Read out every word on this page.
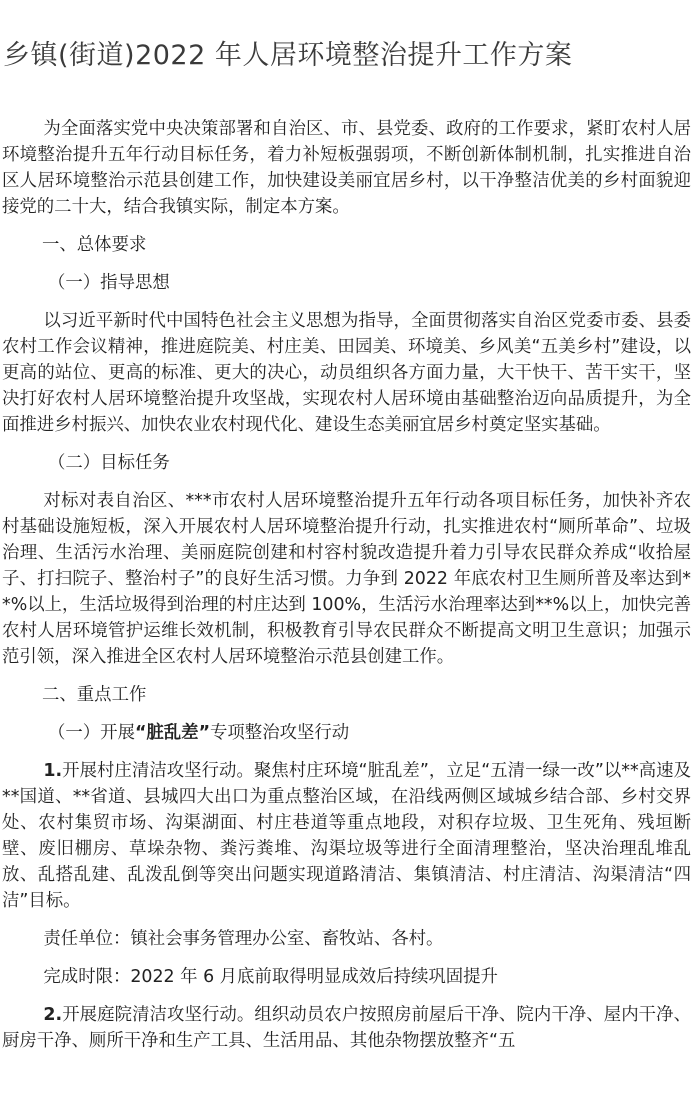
乡镇(街道)2022 年人居环境整治提升工作方案

为全面落实党中央决策部署和自治区、市、县党委、政府的工作要求，紧盯农村人居环境整治提升五年行动目标任务，着力补短板强弱项，不断创新体制机制，扎实推进自治区人居环境整治示范县创建工作，加快建设美丽宜居乡村，以干净整洁优美的乡村面貌迎接党的二十大，结合我镇实际，制定本方案。

一、总体要求

（一）指导思想

以习近平新时代中国特色社会主义思想为指导，全面贯彻落实自治区党委市委、县委农村工作会议精神，推进庭院美、村庄美、田园美、环境美、乡风美“五美乡村”建设，以更高的站位、更高的标准、更大的决心，动员组织各方面力量，大干快干、苦干实干，坚决打好农村人居环境整治提升攻坚战，实现农村人居环境由基础整治迈向品质提升，为全面推进乡村振兴、加快农业农村现代化、建设生态美丽宜居乡村奠定坚实基础。

（二）目标任务

对标对表自治区、***市农村人居环境整治提升五年行动各项目标任务，加快补齐农村基础设施短板，深入开展农村人居环境整治提升行动，扎实推进农村“厕所革命”、垃圾治理、生活污水治理、美丽庭院创建和村容村貌改造提升着力引导农民群众养成“收拾屋子、打扫院子、整治村子”的良好生活习惯。力争到 2022 年底农村卫生厕所普及率达到**%以上，生活垃圾得到治理的村庄达到 100%，生活污水治理率达到**%以上，加快完善农村人居环境管护运维长效机制，积极教育引导农民群众不断提高文明卫生意识；加强示范引领，深入推进全区农村人居环境整治示范县创建工作。

二、重点工作

（一）开展“脏乱差”专项整治攻坚行动

1.开展村庄清洁攻坚行动。聚焦村庄环境“脏乱差”，立足“五清一绿一改”以**高速及**国道、**省道、县城四大出口为重点整治区域，在沿线两侧区域城乡结合部、乡村交界处、农村集贸市场、沟渠湖面、村庄巷道等重点地段，对积存垃圾、卫生死角、残垣断壁、废旧棚房、草垛杂物、粪污粪堆、沟渠垃圾等进行全面清理整治，坚决治理乱堆乱放、乱搭乱建、乱泼乱倒等突出问题实现道路清洁、集镇清洁、村庄清洁、沟渠清洁“四洁”目标。

责任单位：镇社会事务管理办公室、畜牧站、各村。

完成时限：2022 年 6 月底前取得明显成效后持续巩固提升

2.开展庭院清洁攻坚行动。组织动员农户按照房前屋后干净、院内干净、屋内干净、厨房干净、厕所干净和生产工具、生活用品、其他杂物摆放整齐“五
